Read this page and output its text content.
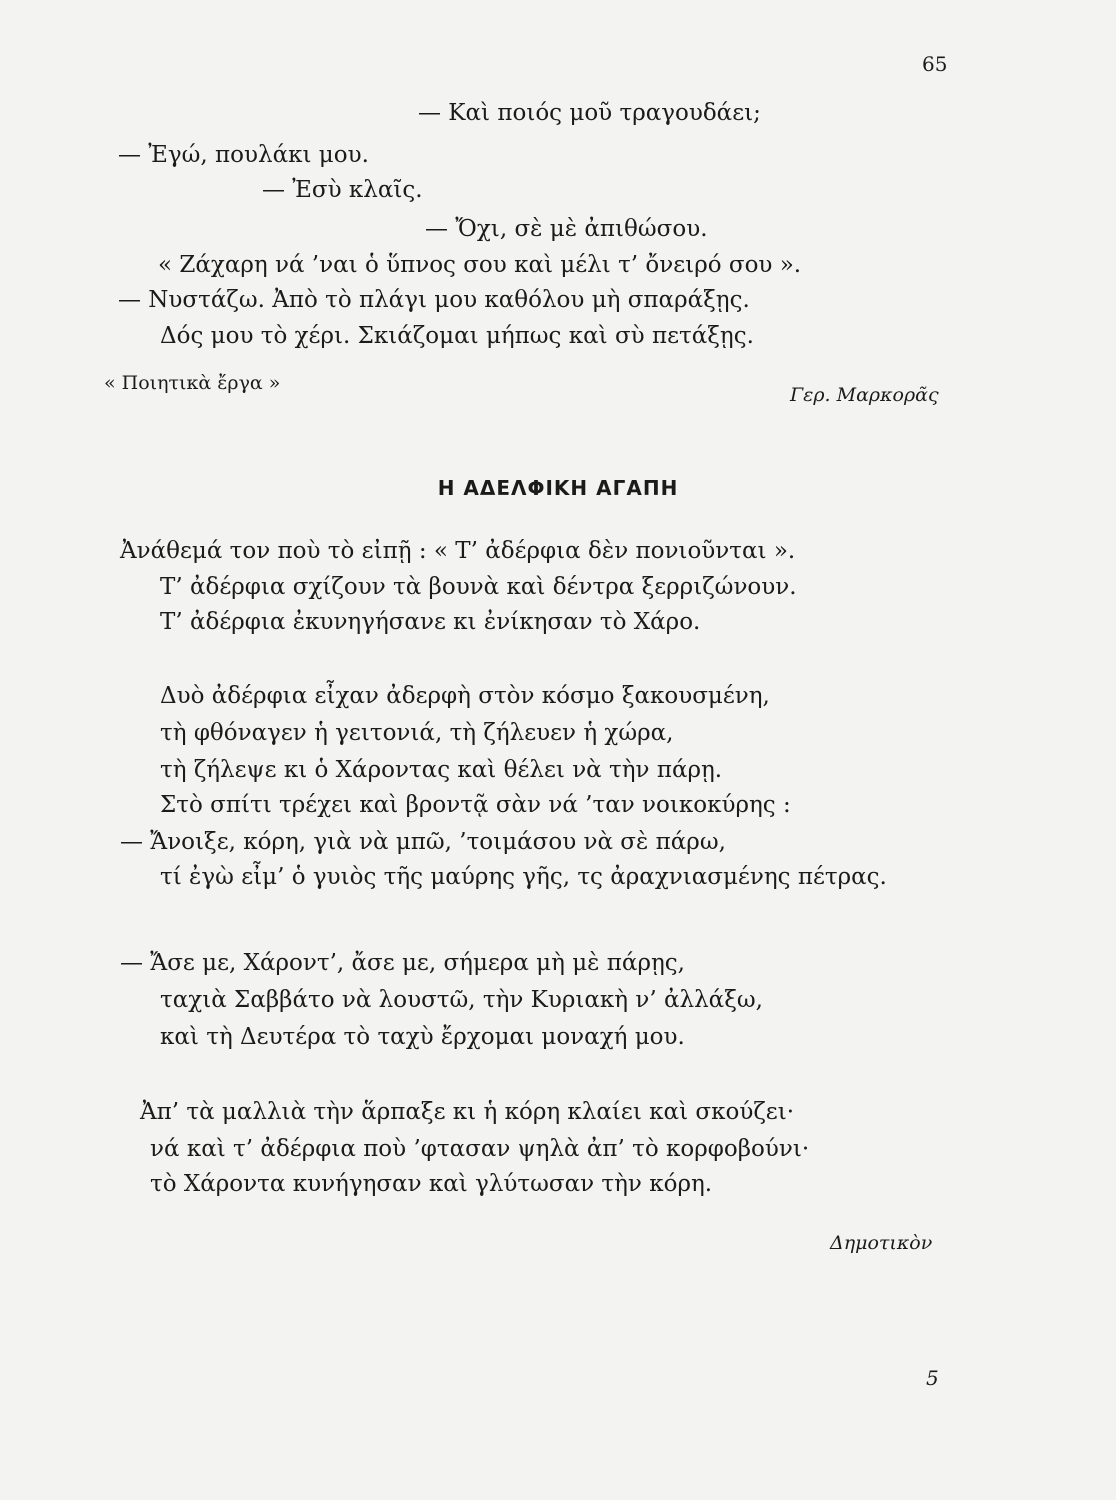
65
— Καὶ ποιός μοῦ τραγουδάει;
— Ἐγώ, πουλάκι μου.
— Ἐσὺ κλαῖς.
— Ὄχι, σὲ μὲ ἀπιθώσου.
« Ζάχαρη νά ’ναι ὁ ὕπνος σου καὶ μέλι τ’ ὄνειρό σου ».
— Νυστάζω. Ἀπὸ τὸ πλάγι μου καθόλου μὴ σπαράξῃς.
Δός μου τὸ χέρι. Σκιάζομαι μήπως καὶ σὺ πετάξῃς.
« Ποιητικὰ ἔργα »
Γερ. Μαρκορᾶς
Η ΑΔΕΛΦΙΚΗ ΑΓΑΠΗ
Ἀνάθεμά τον ποὺ τὸ εἰπῇ : « Τ’ ἀδέρφια δὲν πονιοῦνται ».
Τ’ ἀδέρφια σχίζουν τὰ βουνὰ καὶ δέντρα ξερριζώνουν.
Τ’ ἀδέρφια ἐκυνηγήσανε κι ἐνίκησαν τὸ Χάρο.
Δυὸ ἀδέρφια εἶχαν ἀδερφὴ στὸν κόσμο ξακουσμένη,
τὴ φθόναγεν ἡ γειτονιά, τὴ ζήλευεν ἡ χώρα,
τὴ ζήλεψε κι ὁ Χάροντας καὶ θέλει νὰ τὴν πάρῃ.
Στὸ σπίτι τρέχει καὶ βροντᾷ σὰν νά ’ταν νοικοκύρης :
— Ἄνοιξε, κόρη, γιὰ νὰ μπῶ, ’τοιμάσου νὰ σὲ πάρω,
τί ἐγὼ εἶμ’ ὁ γυιὸς τῆς μαύρης γῆς, τς ἀραχνιασμένης πέτρας.
— Ἄσε με, Χάροντ’, ἄσε με, σήμερα μὴ μὲ πάρῃς,
ταχιὰ Σαββάτο νὰ λουστῶ, τὴν Κυριακὴ ν’ ἀλλάξω,
καὶ τὴ Δευτέρα τὸ ταχὺ ἔρχομαι μοναχή μου.
Ἀπ’ τὰ μαλλιὰ τὴν ἅρπαξε κι ἡ κόρη κλαίει καὶ σκούζει·
νά καὶ τ’ ἀδέρφια ποὺ ’φτασαν ψηλὰ ἀπ’ τὸ κορφοβούνι·
τὸ Χάροντα κυνήγησαν καὶ γλύτωσαν τὴν κόρη.
Δημοτικὸν
5
